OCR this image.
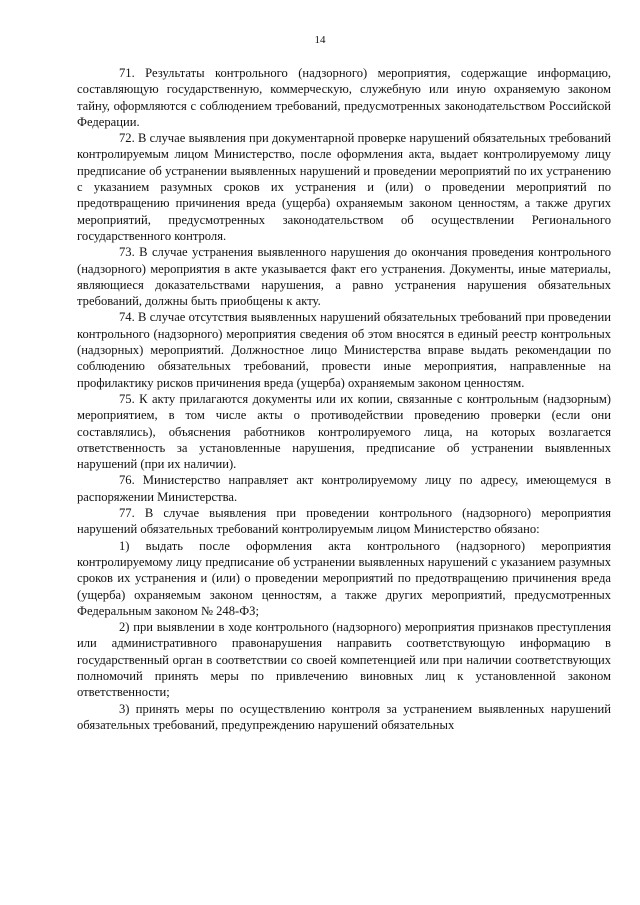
14

71. Результаты контрольного (надзорного) мероприятия, содержащие информацию, составляющую государственную, коммерческую, служебную или иную охраняемую законом тайну, оформляются с соблюдением требований, предусмотренных законодательством Российской Федерации.

72. В случае выявления при документарной проверке нарушений обязательных требований контролируемым лицом Министерство, после оформления акта, выдает контролируемому лицу предписание об устранении выявленных нарушений и проведении мероприятий по их устранению с указанием разумных сроков их устранения и (или) о проведении мероприятий по предотвращению причинения вреда (ущерба) охраняемым законом ценностям, а также других мероприятий, предусмотренных законодательством об осуществлении Регионального государственного контроля.

73. В случае устранения выявленного нарушения до окончания проведения контрольного (надзорного) мероприятия в акте указывается факт его устранения. Документы, иные материалы, являющиеся доказательствами нарушения, а равно устранения нарушения обязательных требований, должны быть приобщены к акту.

74. В случае отсутствия выявленных нарушений обязательных требований при проведении контрольного (надзорного) мероприятия сведения об этом вносятся в единый реестр контрольных (надзорных) мероприятий. Должностное лицо Министерства вправе выдать рекомендации по соблюдению обязательных требований, провести иные мероприятия, направленные на профилактику рисков причинения вреда (ущерба) охраняемым законом ценностям.

75. К акту прилагаются документы или их копии, связанные с контрольным (надзорным) мероприятием, в том числе акты о противодействии проведению проверки (если они составлялись), объяснения работников контролируемого лица, на которых возлагается ответственность за установленные нарушения, предписание об устранении выявленных нарушений (при их наличии).

76. Министерство направляет акт контролируемому лицу по адресу, имеющемуся в распоряжении Министерства.

77. В случае выявления при проведении контрольного (надзорного) мероприятия нарушений обязательных требований контролируемым лицом Министерство обязано:

1) выдать после оформления акта контрольного (надзорного) мероприятия контролируемому лицу предписание об устранении выявленных нарушений с указанием разумных сроков их устранения и (или) о проведении мероприятий по предотвращению причинения вреда (ущерба) охраняемым законом ценностям, а также других мероприятий, предусмотренных Федеральным законом № 248-ФЗ;

2) при выявлении в ходе контрольного (надзорного) мероприятия признаков преступления или административного правонарушения направить соответствующую информацию в государственный орган в соответствии со своей компетенцией или при наличии соответствующих полномочий принять меры по привлечению виновных лиц к установленной законом ответственности;

3) принять меры по осуществлению контроля за устранением выявленных нарушений обязательных требований, предупреждению нарушений обязательных
